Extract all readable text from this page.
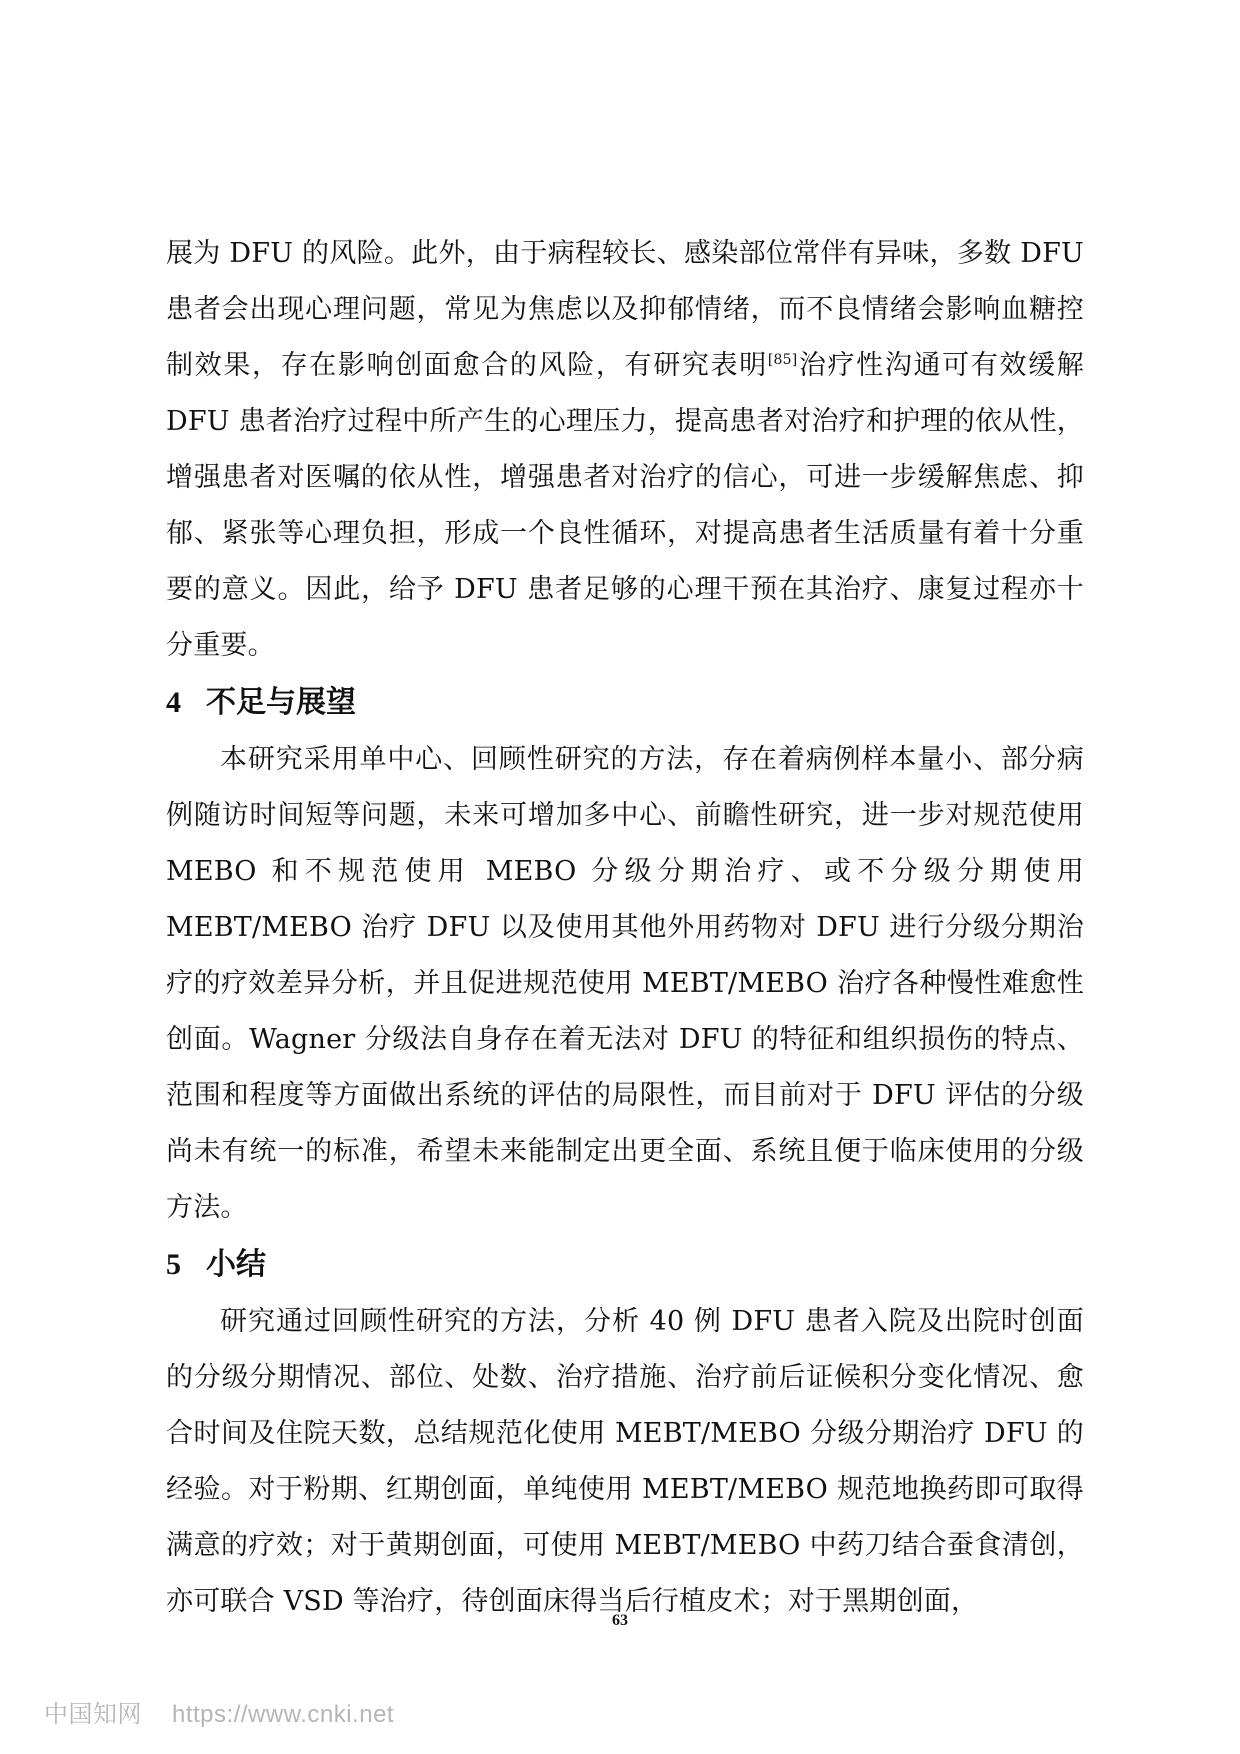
展为 DFU 的风险。此外，由于病程较长、感染部位常伴有异味，多数 DFU 患者会出现心理问题，常见为焦虑以及抑郁情绪，而不良情绪会影响血糖控制效果，存在影响创面愈合的风险，有研究表明[85]治疗性沟通可有效缓解 DFU 患者治疗过程中所产生的心理压力，提高患者对治疗和护理的依从性，增强患者对医嘱的依从性，增强患者对治疗的信心，可进一步缓解焦虑、抑郁、紧张等心理负担，形成一个良性循环，对提高患者生活质量有着十分重要的意义。因此，给予 DFU 患者足够的心理干预在其治疗、康复过程亦十分重要。

4 不足与展望

本研究采用单中心、回顾性研究的方法，存在着病例样本量小、部分病例随访时间短等问题，未来可增加多中心、前瞻性研究，进一步对规范使用 MEBO 和不规范使用 MEBO 分级分期治疗、或不分级分期使用 MEBT/MEBO 治疗 DFU 以及使用其他外用药物对 DFU 进行分级分期治疗的疗效差异分析，并且促进规范使用 MEBT/MEBO 治疗各种慢性难愈性创面。Wagner 分级法自身存在着无法对 DFU 的特征和组织损伤的特点、范围和程度等方面做出系统的评估的局限性，而目前对于 DFU 评估的分级尚未有统一的标准，希望未来能制定出更全面、系统且便于临床使用的分级方法。

5 小结

研究通过回顾性研究的方法，分析 40 例 DFU 患者入院及出院时创面的分级分期情况、部位、处数、治疗措施、治疗前后证候积分变化情况、愈合时间及住院天数，总结规范化使用 MEBT/MEBO 分级分期治疗 DFU 的经验。对于粉期、红期创面，单纯使用 MEBT/MEBO 规范地换药即可取得满意的疗效；对于黄期创面，可使用 MEBT/MEBO 中药刀结合蚕食清创，亦可联合 VSD 等治疗，待创面床得当后行植皮术；对于黑期创面，

63
中国知网 https://www.cnki.net
